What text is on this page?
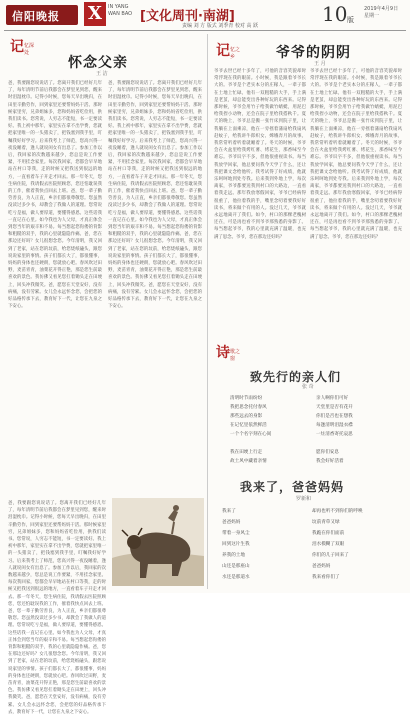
信阳晚报 X	IN YANG
WAN BAO [文化周刊·南湖]
责编 刘 方 版式 刘季青 校对 高 跃	10 版
2019年4月9日
星期一
记 忆深处
怀念父亲
王 洁
爸，我要跟您说说话了。您离开我们已经好几年了，每年清明节前后我都会在梦里见到您，醒来时泪湿枕巾。记得小时候，您每天早出晚归，在田里辛勤劳作，回到家里还要帮妈妈干活。那时候家里穷，兄弟姐妹多，您和妈妈省吃俭用，供我们读书。您常说，人穷志不能短，书一定要读好。我上初中那年，家里实在拿不出学费，您就把家里唯一的一头猪卖了，把钱塞到我手里，叮嘱我好好学习。后来我考上了师范，您高兴得一夜没睡着，逢人就说闺女有出息了。参加工作以后，我回家的次数越来越少，您总是说工作要紧，不用挂念家里。每次我回家，您都会早早地站在村口等我，走的时候又把我送到很远的地方，一直看着车子开走才回去。那一年冬天，您生病住院，我请假去医院照顾您，您还怕耽误我的工作，催着我快点回去上班。爸，您一辈子勤劳善良，为人正直，乡亲们都很尊敬您。您虽然没读过多少书，却教会了我做人的道理。您常说吃亏是福，做人要厚道，要懂得感恩。这些话我一直记在心里。如今我也为人父母，才真正体会到您当年的艰辛和不易。每当想起您佝偻的背影和粗糙的双手，我的心里就隐隐作痛。爸，您在那边还好吗？女儿很想念您。今年清明，我又回到了老家，站在您的坟前，给您烧纸磕头，跟您说说家里的事情。孩子们都长大了，都很懂事，妈妈的身体也还硬朗，您就放心吧。春风吹过田野，麦苗青青，油菜花开得正艳，那是您生前最喜欢的景色。我仿佛又看见您扛着锄头走在田埂上，回头冲我微笑。爸，愿您在天堂安好，没有病痛，没有劳累。女儿会永远怀念您，会把您的好品格传承下去，教育好下一代，让您在九泉之下安心。
爸，我要跟您说说话了。您离开我们已经好几年了，每年清明节前后我都会在梦里见到您，醒来时泪湿枕巾。记得小时候，您每天早出晚归，在田里辛勤劳作，回到家里还要帮妈妈干活。那时候家里穷，兄弟姐妹多，您和妈妈省吃俭用，供我们读书。您常说，人穷志不能短，书一定要读好。我上初中那年，家里实在拿不出学费，您就把家里唯一的一头猪卖了，把钱塞到我手里，叮嘱我好好学习。后来我考上了师范，您高兴得一夜没睡着，逢人就说闺女有出息了。参加工作以后，我回家的次数越来越少，您总是说工作要紧，不用挂念家里。每次我回家，您都会早早地站在村口等我，走的时候又把我送到很远的地方，一直看着车子开走才回去。那一年冬天，您生病住院，我请假去医院照顾您，您还怕耽误我的工作，催着我快点回去上班。爸，您一辈子勤劳善良，为人正直，乡亲们都很尊敬您。您虽然没读过多少书，却教会了我做人的道理。您常说吃亏是福，做人要厚道，要懂得感恩。这些话我一直记在心里。如今我也为人父母，才真正体会到您当年的艰辛和不易。每当想起您佝偻的背影和粗糙的双手，我的心里就隐隐作痛。爸，您在那边还好吗？女儿很想念您。今年清明，我又回到了老家，站在您的坟前，给您烧纸磕头，跟您说说家里的事情。孩子们都长大了，都很懂事，妈妈的身体也还硬朗，您就放心吧。春风吹过田野，麦苗青青，油菜花开得正艳，那是您生前最喜欢的景色。我仿佛又看见您扛着锄头走在田埂上，回头冲我微笑。爸，愿您在天堂安好，没有病痛，没有劳累。女儿会永远怀念您，会把您的好品格传承下去，教育好下一代，让您在九泉之下安心。
爸，我要跟您说说话了。您离开我们已经好几年了，每年清明节前后我都会在梦里见到您，醒来时泪湿枕巾。记得小时候，您每天早出晚归，在田里辛勤劳作，回到家里还要帮妈妈干活。那时候家里穷，兄弟姐妹多，您和妈妈省吃俭用，供我们读书。您常说，人穷志不能短，书一定要读好。我上初中那年，家里实在拿不出学费，您就把家里唯一的一头猪卖了，把钱塞到我手里，叮嘱我好好学习。后来我考上了师范，您高兴得一夜没睡着，逢人就说闺女有出息了。参加工作以后，我回家的次数越来越少，您总是说工作要紧，不用挂念家里。每次我回家，您都会早早地站在村口等我，走的时候又把我送到很远的地方，一直看着车子开走才回去。那一年冬天，您生病住院，我请假去医院照顾您，您还怕耽误我的工作，催着我快点回去上班。爸，您一辈子勤劳善良，为人正直，乡亲们都很尊敬您。您虽然没读过多少书，却教会了我做人的道理。您常说吃亏是福，做人要厚道，要懂得感恩。这些话我一直记在心里。如今我也为人父母，才真正体会到您当年的艰辛和不易。每当想起您佝偻的背影和粗糙的双手，我的心里就隐隐作痛。爸，您在那边还好吗？女儿很想念您。今年清明，我又回到了老家，站在您的坟前，给您烧纸磕头，跟您说说家里的事情。孩子们都长大了，都很懂事，妈妈的身体也还硬朗，您就放心吧。春风吹过田野，麦苗青青，油菜花开得正艳，那是您生前最喜欢的景色。我仿佛又看见您扛着锄头走在田埂上，回头冲我微笑。爸，愿您在天堂安好，没有病痛，没有劳累。女儿会永远怀念您，会把您的好品格传承下去，教育好下一代，让您在九泉之下安心。
记 忆之乡	爷爷的阴阴
王 月
爷爷去世已经十多年了，可他的音容笑貌却时常浮现在我的眼前。小时候，我是跟着爷爷长大的。爷爷是个老实本分的庄稼人，一辈子都在土地上忙碌。他有一双粗糙的大手，手上满是老茧，却总能变出各种好玩的东西来。记得那时候，爷爷会用竹子给我做竹蜻蜓，用泥巴给我捏小动物，还会在院子里给我搭秋千。夏天的晚上，爷爷总是搬一张竹床到院子里，让我躺在上面乘凉，他在一旁摇着蒲扇给我扇风赶蚊子，给我讲牛郎织女、嫦娥奔月的故事。我常常听着听着就睡着了。冬天的时候，爷爷会在火盆里给我烤红薯、烤花生，那香味至今难忘。爷爷识字不多，但他很重视读书。每当我放学回家，他总要问我今天学了什么，还让我把课文念给他听。我考试得了好成绩，他就乐呵呵地到处夸我。后来我到外地上学，每次离家，爷爷都要送我到村口的大路边，一直看着我走远。那年我放寒假回家，爷爷已经病得很重了，他拉着我的手，嘴里念叨着要我好好读书，将来做个有用的人。没过几天，爷爷就永远地离开了我们。如今，村口的那棵老槐树还在，可是再也看不到爷爷那熟悉的身影了。每当想起爷爷，我的心里就充满了温暖，也充满了思念。爷爷，您在那边还好吗？
爷爷去世已经十多年了，可他的音容笑貌却时常浮现在我的眼前。小时候，我是跟着爷爷长大的。爷爷是个老实本分的庄稼人，一辈子都在土地上忙碌。他有一双粗糙的大手，手上满是老茧，却总能变出各种好玩的东西来。记得那时候，爷爷会用竹子给我做竹蜻蜓，用泥巴给我捏小动物，还会在院子里给我搭秋千。夏天的晚上，爷爷总是搬一张竹床到院子里，让我躺在上面乘凉，他在一旁摇着蒲扇给我扇风赶蚊子，给我讲牛郎织女、嫦娥奔月的故事。我常常听着听着就睡着了。冬天的时候，爷爷会在火盆里给我烤红薯、烤花生，那香味至今难忘。爷爷识字不多，但他很重视读书。每当我放学回家，他总要问我今天学了什么，还让我把课文念给他听。我考试得了好成绩，他就乐呵呵地到处夸我。后来我到外地上学，每次离家，爷爷都要送我到村口的大路边，一直看着我走远。那年我放寒假回家，爷爷已经病得很重了，他拉着我的手，嘴里念叨着要我好好读书，将来做个有用的人。没过几天，爷爷就永远地离开了我们。如今，村口的那棵老槐树还在，可是再也看不到爷爷那熟悉的身影了。每当想起爷爷，我的心里就充满了温暖，也充满了思念。爷爷，您在那边还好吗？
诗 歌之窗
致先行的亲人们
张 奇
清明时节雨纷纷
我把思念托付春风
那些远去的身影
在记忆里依然鲜活
一个个名字刻在心间

我在田埂上行走
故土风中藏着亲情
亲人啊你们可好
天堂里是否有花开
你们是否也在想我
每逢清明泪湿衣襟
一炷清香寄托哀思

愿你们安息
我会好好活着
我来了，爸爸妈妈
罗新和
我来了
爸爸妈妈
带着一身风尘
回到这片生我
养我的土地
山还是那座山
水还是那道水
却再也听不到你们的呼唤
坟前青草又绿
我跪在你们面前
泪水模糊了双眼
你们的儿子回来了
爸爸妈妈
我来看你们了
